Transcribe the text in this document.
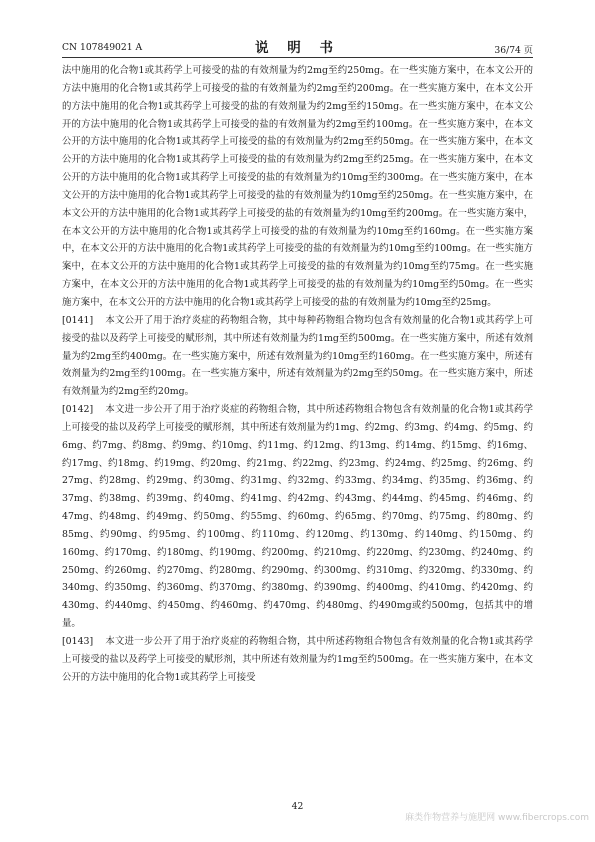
CN 107849021 A	说 明 书	36/74 页

法中施用的化合物1或其药学上可接受的盐的有效剂量为约2mg至约250mg。在一些实施方案中，在本文公开的方法中施用的化合物1或其药学上可接受的盐的有效剂量为约2mg至约200mg。在一些实施方案中，在本文公开的方法中施用的化合物1或其药学上可接受的盐的有效剂量为约2mg至约150mg。在一些实施方案中，在本文公开的方法中施用的化合物1或其药学上可接受的盐的有效剂量为约2mg至约100mg。在一些实施方案中，在本文公开的方法中施用的化合物1或其药学上可接受的盐的有效剂量为约2mg至约50mg。在一些实施方案中，在本文公开的方法中施用的化合物1或其药学上可接受的盐的有效剂量为约2mg至约25mg。在一些实施方案中，在本文公开的方法中施用的化合物1或其药学上可接受的盐的有效剂量为约10mg至约300mg。在一些实施方案中，在本文公开的方法中施用的化合物1或其药学上可接受的盐的有效剂量为约10mg至约250mg。在一些实施方案中，在本文公开的方法中施用的化合物1或其药学上可接受的盐的有效剂量为约10mg至约200mg。在一些实施方案中，在本文公开的方法中施用的化合物1或其药学上可接受的盐的有效剂量为约10mg至约160mg。在一些实施方案中，在本文公开的方法中施用的化合物1或其药学上可接受的盐的有效剂量为约10mg至约100mg。在一些实施方案中，在本文公开的方法中施用的化合物1或其药学上可接受的盐的有效剂量为约10mg至约75mg。在一些实施方案中，在本文公开的方法中施用的化合物1或其药学上可接受的盐的有效剂量为约10mg至约50mg。在一些实施方案中，在本文公开的方法中施用的化合物1或其药学上可接受的盐的有效剂量为约10mg至约25mg。

[0141] 本文公开了用于治疗炎症的药物组合物，其中每种药物组合物均包含有效剂量的化合物1或其药学上可接受的盐以及药学上可接受的赋形剂，其中所述有效剂量为约1mg至约500mg。在一些实施方案中，所述有效剂量为约2mg至约400mg。在一些实施方案中，所述有效剂量为约10mg至约160mg。在一些实施方案中，所述有效剂量为约2mg至约100mg。在一些实施方案中，所述有效剂量为约2mg至约50mg。在一些实施方案中，所述有效剂量为约2mg至约20mg。

[0142] 本文进一步公开了用于治疗炎症的药物组合物，其中所述药物组合物包含有效剂量的化合物1或其药学上可接受的盐以及药学上可接受的赋形剂，其中所述有效剂量为约1mg、约2mg、约3mg、约4mg、约5mg、约6mg、约7mg、约8mg、约9mg、约10mg、约11mg、约12mg、约13mg、约14mg、约15mg、约16mg、约17mg、约18mg、约19mg、约20mg、约21mg、约22mg、约23mg、约24mg、约25mg、约26mg、约27mg、约28mg、约29mg、约30mg、约31mg、约32mg、约33mg、约34mg、约35mg、约36mg、约37mg、约38mg、约39mg、约40mg、约41mg、约42mg、约43mg、约44mg、约45mg、约46mg、约47mg、约48mg、约49mg、约50mg、约55mg、约60mg、约65mg、约70mg、约75mg、约80mg、约85mg、约90mg、约95mg、约100mg、约110mg、约120mg、约130mg、约140mg、约150mg、约160mg、约170mg、约180mg、约190mg、约200mg、约210mg、约220mg、约230mg、约240mg、约250mg、约260mg、约270mg、约280mg、约290mg、约300mg、约310mg、约320mg、约330mg、约340mg、约350mg、约360mg、约370mg、约380mg、约390mg、约400mg、约410mg、约420mg、约430mg、约440mg、约450mg、约460mg、约470mg、约480mg、约490mg或约500mg，包括其中的增量。

[0143] 本文进一步公开了用于治疗炎症的药物组合物，其中所述药物组合物包含有效剂量的化合物1或其药学上可接受的盐以及药学上可接受的赋形剂，其中所述有效剂量为约1mg至约500mg。在一些实施方案中，在本文公开的方法中施用的化合物1或其药学上可接受

42
麻类作物营养与施肥网 www.fibercrops.com
